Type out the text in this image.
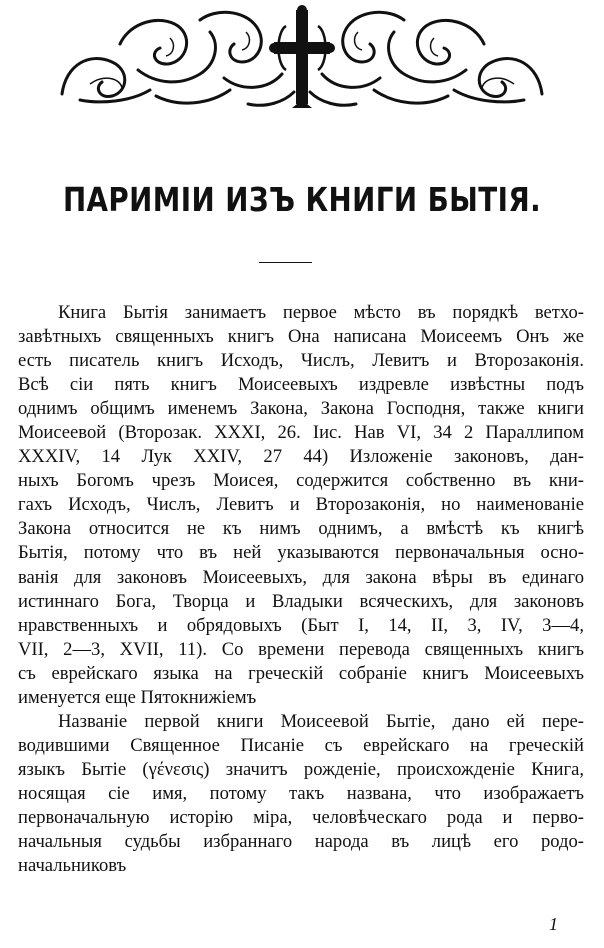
ПАРИМІИ ИЗЪ КНИГИ БЫТІЯ.
Книга Бытія занимаетъ первое мѣсто въ порядкѣ ветхо-
завѣтныхъ священныхъ книгъ Она написана Моисеемъ Онъ же
есть писатель книгъ Исходъ, Числъ, Левитъ и Второзаконія.
Всѣ сіи пять книгъ Моисеевыхъ издревле извѣстны подъ
однимъ общимъ именемъ Закона, Закона Господня, также книги
Моисеевой (Второзак. XXXI, 26. Іис. Нав VI, 34 2 Параллипом
XXXIV, 14 Лук XXIV, 27 44) Изложеніе законовъ, дан-
ныхъ Богомъ чрезъ Моисея, содержится собственно въ кни-
гахъ Исходъ, Числъ, Левитъ и Второзаконія, но наименованіе
Закона относится не къ нимъ однимъ, а вмѣстѣ къ книгѣ
Бытія, потому что въ ней указываются первоначальныя осно-
ванія для законовъ Моисеевыхъ, для закона вѣры въ единаго
истиннаго Бога, Творца и Владыки всяческихъ, для законовъ
нравственныхъ и обрядовыхъ (Быт I, 14, II, 3, IV, 3—4,
VII, 2—3, XVII, 11). Со времени перевода священныхъ книгъ
съ еврейскаго языка на греческій собраніе книгъ Моисеевыхъ
именуется еще Пятокнижіемъ
Названіе первой книги Моисеевой Бытіе, дано ей пере-
водившими Священное Писаніе съ еврейскаго на греческій
языкъ Бытіе (γένεσις) значитъ рожденіе, происхожденіе Книга,
носящая сіе имя, потому такъ названа, что изображаетъ
первоначальную исторію міра, человѣческаго рода и перво-
начальныя судьбы избраннаго народа въ лицѣ его родо-
начальниковъ
1
